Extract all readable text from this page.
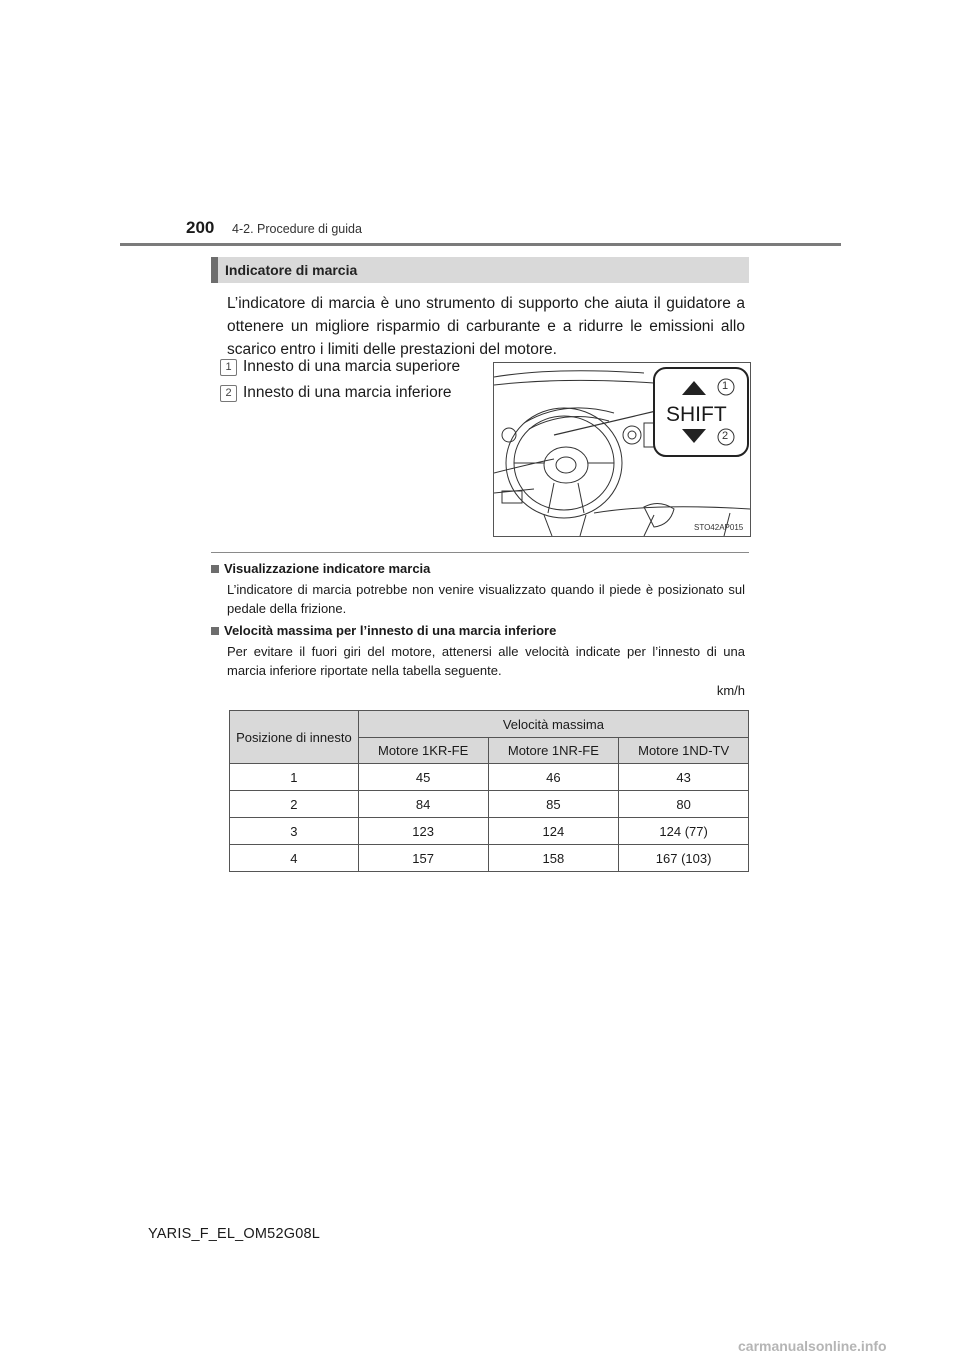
200 4-2. Procedure di guida
Indicatore di marcia
L’indicatore di marcia è uno strumento di supporto che aiuta il guidatore a ottenere un migliore risparmio di carburante e a ridurre le emissioni allo scarico entro i limiti delle prestazioni del motore.
1 Innesto di una marcia superiore
2 Innesto di una marcia inferiore
SHIFT
1
2
STO42AP015
Visualizzazione indicatore marcia
L’indicatore di marcia potrebbe non venire visualizzato quando il piede è posizionato sul pedale della frizione.
Velocità massima per l’innesto di una marcia inferiore
Per evitare il fuori giri del motore, attenersi alle velocità indicate per l’innesto di una marcia inferiore riportate nella tabella seguente.
km/h
Posizione di innesto	Velocità massima		
	Motore 1KR-FE	Motore 1NR-FE	Motore 1ND-TV
1	45	46	43
2	84	85	80
3	123	124	124 (77)
4	157	158	167 (103)
YARIS_F_EL_OM52G08L
carmanualsonline.info
